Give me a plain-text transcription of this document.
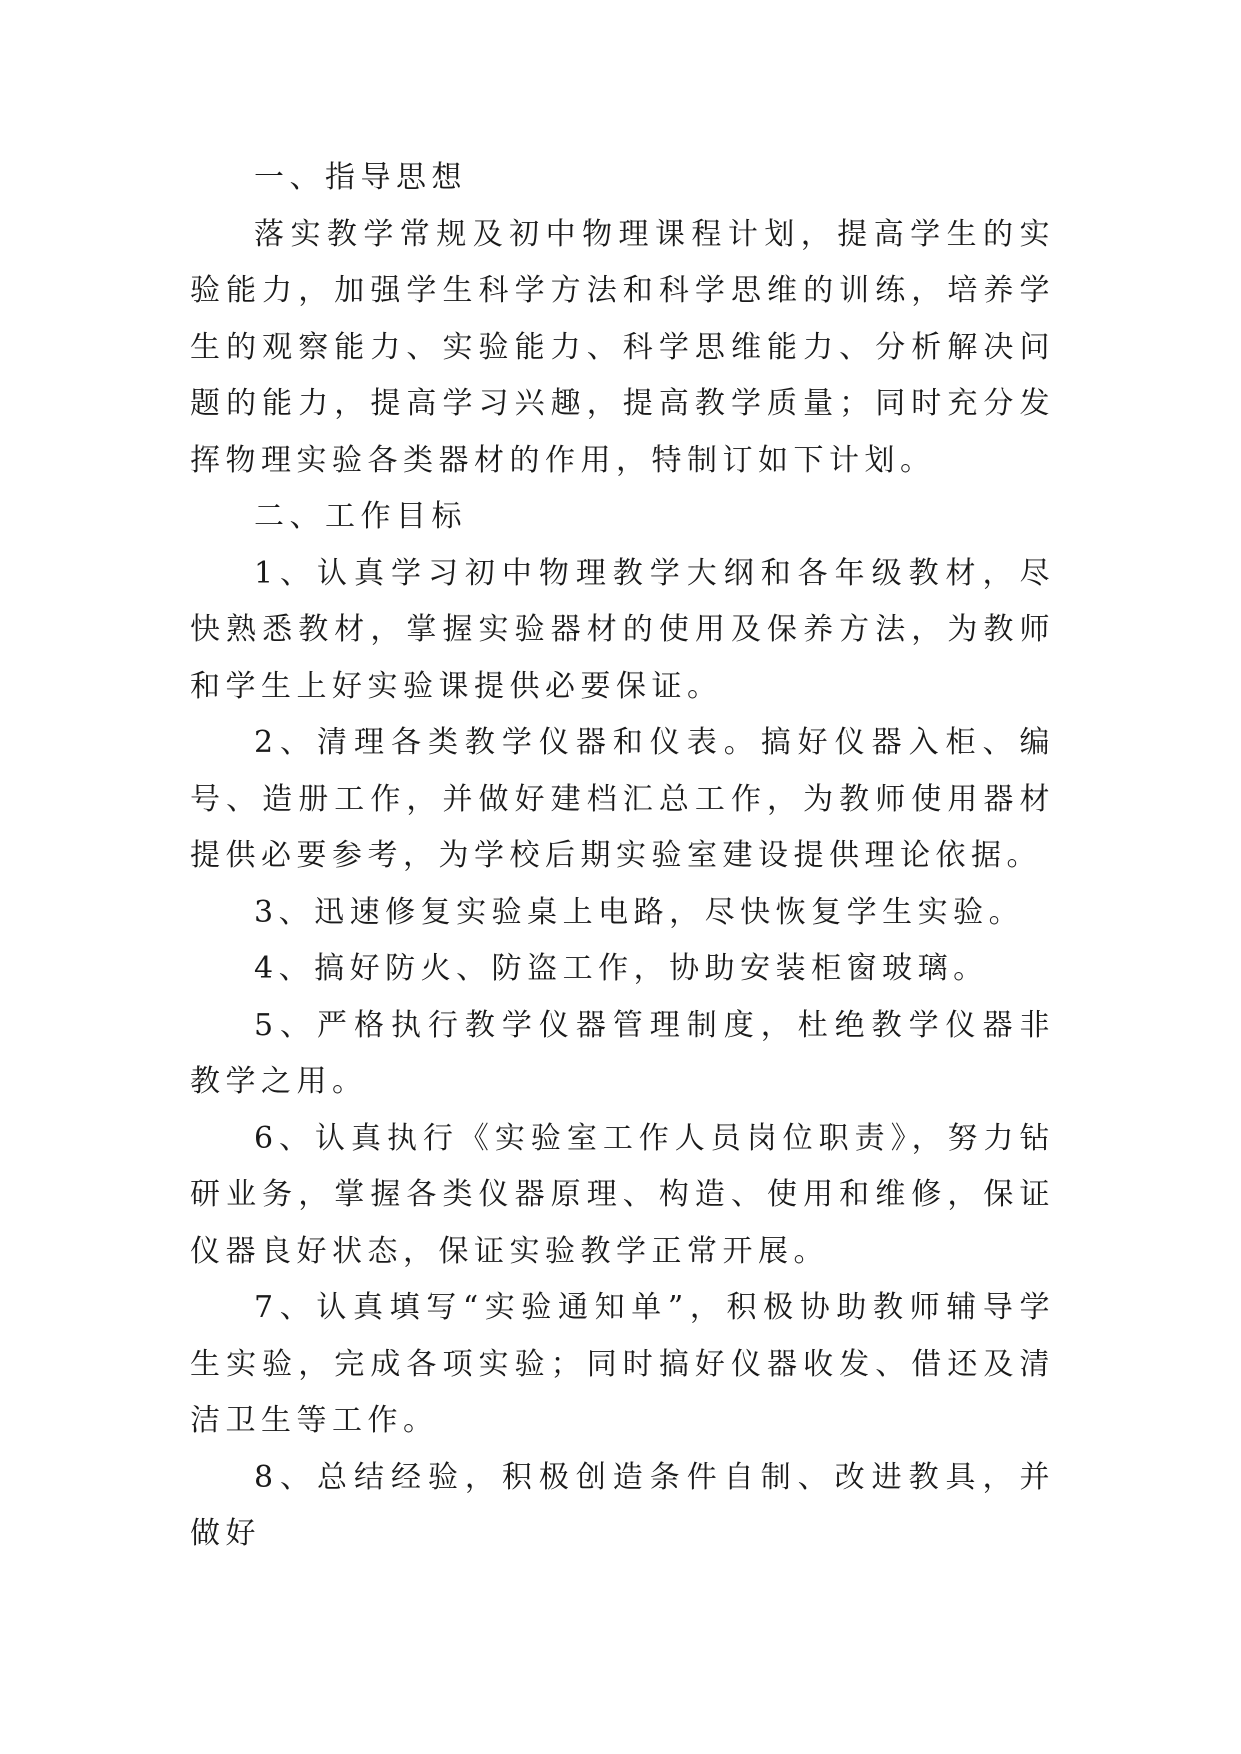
一、指导思想

落实教学常规及初中物理课程计划，提高学生的实验能力，加强学生科学方法和科学思维的训练，培养学生的观察能力、实验能力、科学思维能力、分析解决问题的能力，提高学习兴趣，提高教学质量；同时充分发挥物理实验各类器材的作用，特制订如下计划。

二、工作目标

1、认真学习初中物理教学大纲和各年级教材，尽快熟悉教材，掌握实验器材的使用及保养方法，为教师和学生上好实验课提供必要保证。

2、清理各类教学仪器和仪表。搞好仪器入柜、编号、造册工作，并做好建档汇总工作，为教师使用器材提供必要参考，为学校后期实验室建设提供理论依据。

3、迅速修复实验桌上电路，尽快恢复学生实验。

4、搞好防火、防盗工作，协助安装柜窗玻璃。

5、严格执行教学仪器管理制度，杜绝教学仪器非教学之用。

6、认真执行《实验室工作人员岗位职责》，努力钻研业务，掌握各类仪器原理、构造、使用和维修，保证仪器良好状态，保证实验教学正常开展。

7、认真填写“实验通知单”，积极协助教师辅导学生实验，完成各项实验；同时搞好仪器收发、借还及清洁卫生等工作。

8、总结经验，积极创造条件自制、改进教具，并做好
